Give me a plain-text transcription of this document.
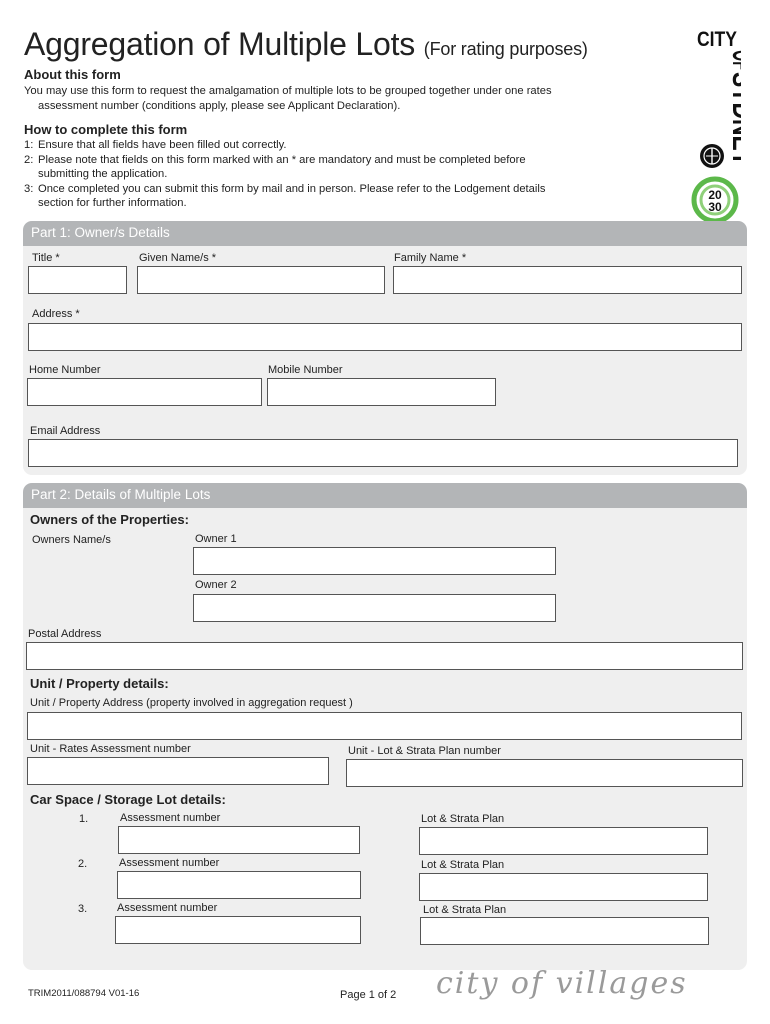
Aggregation of Multiple Lots (For rating purposes)	CITY
OF
SYDNEY
20
30
About this form
You may use this form to request the amalgamation of multiple lots to be grouped together under one rates
assessment number (conditions apply, please see Applicant Declaration).
How to complete this form
1: Ensure that all fields have been filled out correctly.
2: Please note that fields on this form marked with an * are mandatory and must be completed before submitting the application.
3: Once completed you can submit this form by mail and in person. Please refer to the Lodgement details section for further information.
Part 1: Owner/s Details
Title *	Given Name/s *	Family Name *
Address *
Home Number	Mobile Number
Email Address
Part 2: Details of Multiple Lots
Owners of the Properties:
Owners Name/s	Owner 1
Owner 2
Postal Address
Unit / Property details:
Unit / Property Address (property involved in aggregation request )
Unit - Rates Assessment number	Unit - Lot & Strata Plan number
Car Space / Storage Lot details:
1.	Assessment number	Lot & Strata Plan
2.	Assessment number	Lot & Strata Plan
3.	Assessment number	Lot & Strata Plan
TRIM2011/088794 V01-16	Page 1 of 2 city of villages
